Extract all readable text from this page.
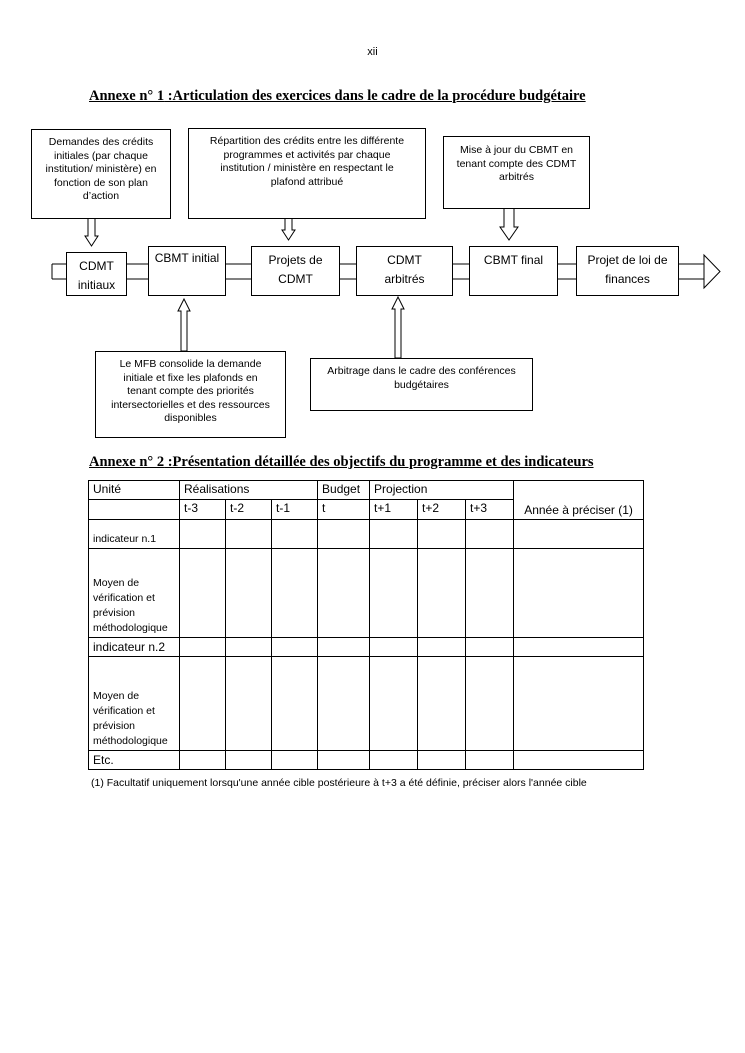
xii
Annexe n° 1 :Articulation des exercices dans le cadre de la procédure budgétaire
Demandes des crédits
initiales (par chaque
institution/ ministère) en
fonction de son plan
d’action
Répartition des crédits entre les différente
programmes et activités par chaque
institution / ministère en respectant le
plafond attribué
Mise à jour du CBMT en
tenant compte des CDMT
arbitrés
CDMT
initiaux
CBMT initial	Projets de
CDMT
CDMT
arbitrés
CBMT final	Projet de loi de
finances
Le MFB consolide la demande
initiale et fixe les plafonds en
tenant compte des priorités
intersectorielles et des ressources
disponibles
Arbitrage dans le cadre des conférences
budgétaires
Annexe n° 2 :Présentation détaillée des objectifs du programme et des indicateurs
Unité	Réalisations			Budget	Projection			Année à préciser (1)
	t-3	t-2	t-1	t	t+1	t+2	t+3	
indicateur n.1								
Moyen de vérification et prévision méthodologique								
indicateur n.2								
Moyen de vérification et prévision méthodologique								
Etc.								
(1) Facultatif uniquement lorsqu'une année cible postérieure à t+3 a été définie, préciser alors l'année cible
